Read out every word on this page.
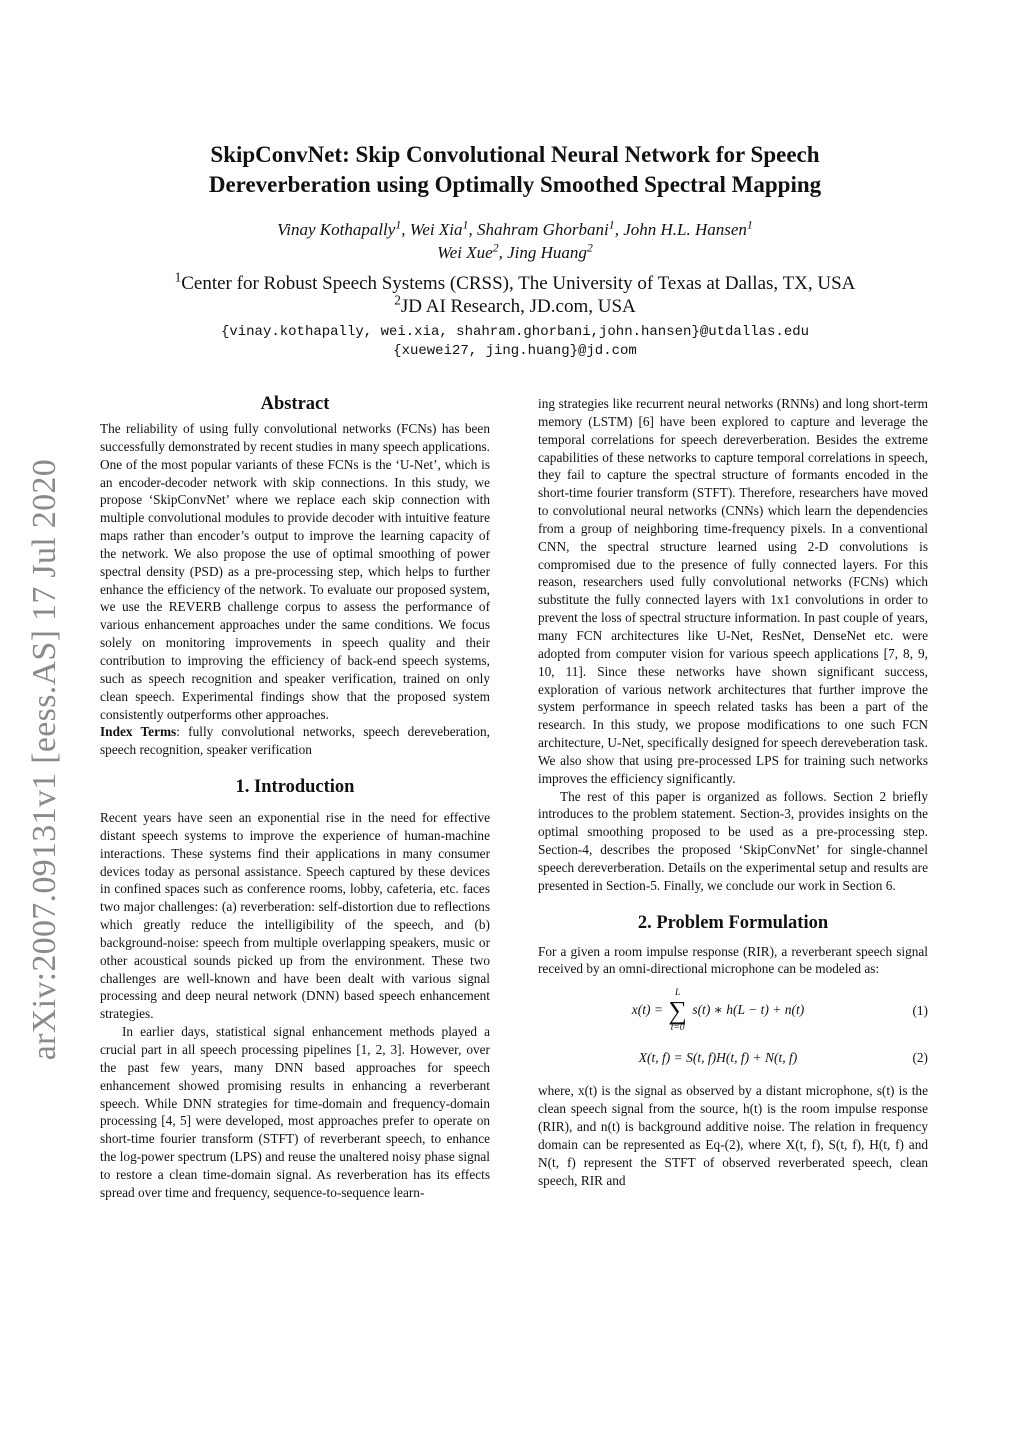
arXiv:2007.09131v1 [eess.AS] 17 Jul 2020
SkipConvNet: Skip Convolutional Neural Network for Speech
Dereverberation using Optimally Smoothed Spectral Mapping
Vinay Kothapally$^1$, Wei Xia$^1$, Shahram Ghorbani$^1$, John H.L. Hansen$^1$
Wei Xue$^2$, Jing Huang$^2$
$^1$Center for Robust Speech Systems (CRSS), The University of Texas at Dallas, TX, USA
$^2$JD AI Research, JD.com, USA
{vinay.kothapally, wei.xia, shahram.ghorbani,john.hansen}@utdallas.edu
{xuewei27, jing.huang}@jd.com
Abstract

The reliability of using fully convolutional networks (FCNs) has been successfully demonstrated by recent studies in many speech applications. One of the most popular variants of these FCNs is the ‘U-Net’, which is an encoder-decoder network with skip connections. In this study, we propose ‘SkipConvNet’ where we replace each skip connection with multiple convolutional modules to provide decoder with intuitive feature maps rather than encoder’s output to improve the learning capacity of the network. We also propose the use of optimal smoothing of power spectral density (PSD) as a pre-processing step, which helps to further enhance the efficiency of the network. To evaluate our proposed system, we use the REVERB challenge corpus to assess the performance of various enhancement approaches under the same conditions. We focus solely on monitoring improvements in speech quality and their contribution to improving the efficiency of back-end speech systems, such as speech recognition and speaker verification, trained on only clean speech. Experimental findings show that the proposed system consistently outperforms other approaches.

Index Terms: fully convolutional networks, speech dereveberation, speech recognition, speaker verification

1. Introduction

Recent years have seen an exponential rise in the need for effective distant speech systems to improve the experience of human-machine interactions. These systems find their applications in many consumer devices today as personal assistance. Speech captured by these devices in confined spaces such as conference rooms, lobby, cafeteria, etc. faces two major challenges: (a) reverberation: self-distortion due to reflections which greatly reduce the intelligibility of the speech, and (b) background-noise: speech from multiple overlapping speakers, music or other acoustical sounds picked up from the environment. These two challenges are well-known and have been dealt with various signal processing and deep neural network (DNN) based speech enhancement strategies.

In earlier days, statistical signal enhancement methods played a crucial part in all speech processing pipelines [1, 2, 3]. However, over the past few years, many DNN based approaches for speech enhancement showed promising results in enhancing a reverberant speech. While DNN strategies for time-domain and frequency-domain processing [4, 5] were developed, most approaches prefer to operate on short-time fourier transform (STFT) of reverberant speech, to enhance the log-power spectrum (LPS) and reuse the unaltered noisy phase signal to restore a clean time-domain signal. As reverberation has its effects spread over time and frequency, sequence-to-sequence learn-

ing strategies like recurrent neural networks (RNNs) and long short-term memory (LSTM) [6] have been explored to capture and leverage the temporal correlations for speech dereverberation. Besides the extreme capabilities of these networks to capture temporal correlations in speech, they fail to capture the spectral structure of formants encoded in the short-time fourier transform (STFT). Therefore, researchers have moved to convolutional neural networks (CNNs) which learn the dependencies from a group of neighboring time-frequency pixels. In a conventional CNN, the spectral structure learned using 2-D convolutions is compromised due to the presence of fully connected layers. For this reason, researchers used fully convolutional networks (FCNs) which substitute the fully connected layers with 1x1 convolutions in order to prevent the loss of spectral structure information. In past couple of years, many FCN architectures like U-Net, ResNet, DenseNet etc. were adopted from computer vision for various speech applications [7, 8, 9, 10, 11]. Since these networks have shown significant success, exploration of various network architectures that further improve the system performance in speech related tasks has been a part of the research. In this study, we propose modifications to one such FCN architecture, U-Net, specifically designed for speech dereveberation task. We also show that using pre-processed LPS for training such networks improves the efficiency significantly.

The rest of this paper is organized as follows. Section 2 briefly introduces to the problem statement. Section-3, provides insights on the optimal smoothing proposed to be used as a pre-processing step. Section-4, describes the proposed ‘SkipConvNet’ for single-channel speech dereverberation. Details on the experimental setup and results are presented in Section-5. Finally, we conclude our work in Section 6.

2. Problem Formulation

For a given a room impulse response (RIR), a reverberant speech signal received by an omni-directional microphone can be modeled as:

x(t) =
L
∑
t=0
s(t) ∗ h(L − t) + n(t)	(1)
X(t, f) = S(t, f)H(t, f) + N(t, f)	(2)

where, x(t) is the signal as observed by a distant microphone, s(t) is the clean speech signal from the source, h(t) is the room impulse response (RIR), and n(t) is background additive noise. The relation in frequency domain can be represented as Eq-(2), where X(t, f), S(t, f), H(t, f) and N(t, f) represent the STFT of observed reverberated speech, clean speech, RIR and
